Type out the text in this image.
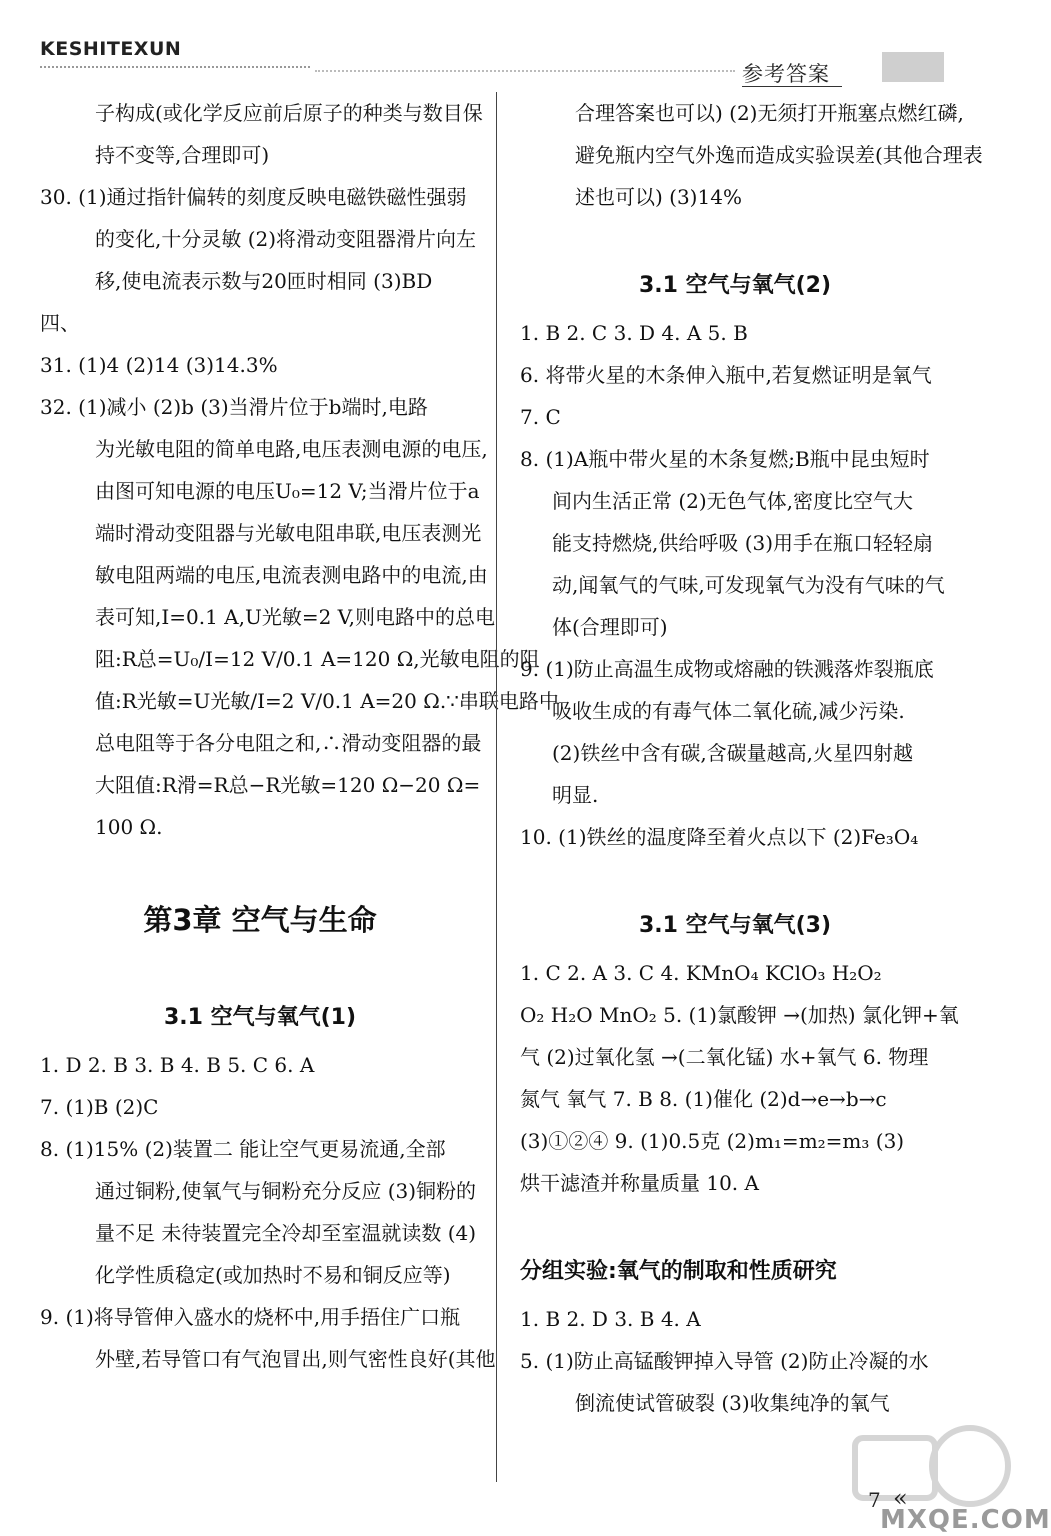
KESHITEXUN
参考答案
子构成(或化学反应前后原子的种类与数目保
持不变等,合理即可)
30. (1)通过指针偏转的刻度反映电磁铁磁性强弱
的变化,十分灵敏 (2)将滑动变阻器滑片向左
移,使电流表示数与20匝时相同 (3)BD
四、
31. (1)4 (2)14 (3)14.3%
32. (1)减小 (2)b (3)当滑片位于b端时,电路
为光敏电阻的简单电路,电压表测电源的电压,
由图可知电源的电压U₀=12 V;当滑片位于a
端时滑动变阻器与光敏电阻串联,电压表测光
敏电阻两端的电压,电流表测电路中的电流,由
表可知,I=0.1 A,U光敏=2 V,则电路中的总电
阻:R总=U₀/I=12 V/0.1 A=120 Ω,光敏电阻的阻
值:R光敏=U光敏/I=2 V/0.1 A=20 Ω.∵串联电路中
总电阻等于各分电阻之和,∴滑动变阻器的最
大阻值:R滑=R总−R光敏=120 Ω−20 Ω=
100 Ω.
第3章 空气与生命
3.1 空气与氧气(1)
1. D 2. B 3. B 4. B 5. C 6. A
7. (1)B (2)C
8. (1)15% (2)装置二 能让空气更易流通,全部
通过铜粉,使氧气与铜粉充分反应 (3)铜粉的
量不足 未待装置完全冷却至室温就读数 (4)
化学性质稳定(或加热时不易和铜反应等)
9. (1)将导管伸入盛水的烧杯中,用手捂住广口瓶
外壁,若导管口有气泡冒出,则气密性良好(其他
合理答案也可以) (2)无须打开瓶塞点燃红磷,
避免瓶内空气外逸而造成实验误差(其他合理表
述也可以) (3)14%
3.1 空气与氧气(2)
1. B 2. C 3. D 4. A 5. B
6. 将带火星的木条伸入瓶中,若复燃证明是氧气
7. C
8. (1)A瓶中带火星的木条复燃;B瓶中昆虫短时
间内生活正常 (2)无色气体,密度比空气大
能支持燃烧,供给呼吸 (3)用手在瓶口轻轻扇
动,闻氧气的气味,可发现氧气为没有气味的气
体(合理即可)
9. (1)防止高温生成物或熔融的铁溅落炸裂瓶底
吸收生成的有毒气体二氧化硫,减少污染.
(2)铁丝中含有碳,含碳量越高,火星四射越
明显.
10. (1)铁丝的温度降至着火点以下 (2)Fe₃O₄
3.1 空气与氧气(3)
1. C 2. A 3. C 4. KMnO₄ KClO₃ H₂O₂
O₂ H₂O MnO₂ 5. (1)氯酸钾 →(加热) 氯化钾+氧
气 (2)过氧化氢 →(二氧化锰) 水+氧气 6. 物理
氮气 氧气 7. B 8. (1)催化 (2)d→e→b→c
(3)①②④ 9. (1)0.5克 (2)m₁=m₂=m₃ (3)
烘干滤渣并称量质量 10. A
分组实验:氧气的制取和性质研究
1. B 2. D 3. B 4. A
5. (1)防止高锰酸钾掉入导管 (2)防止冷凝的水
倒流使试管破裂 (3)收集纯净的氧气
MXQE.COM
7 «
